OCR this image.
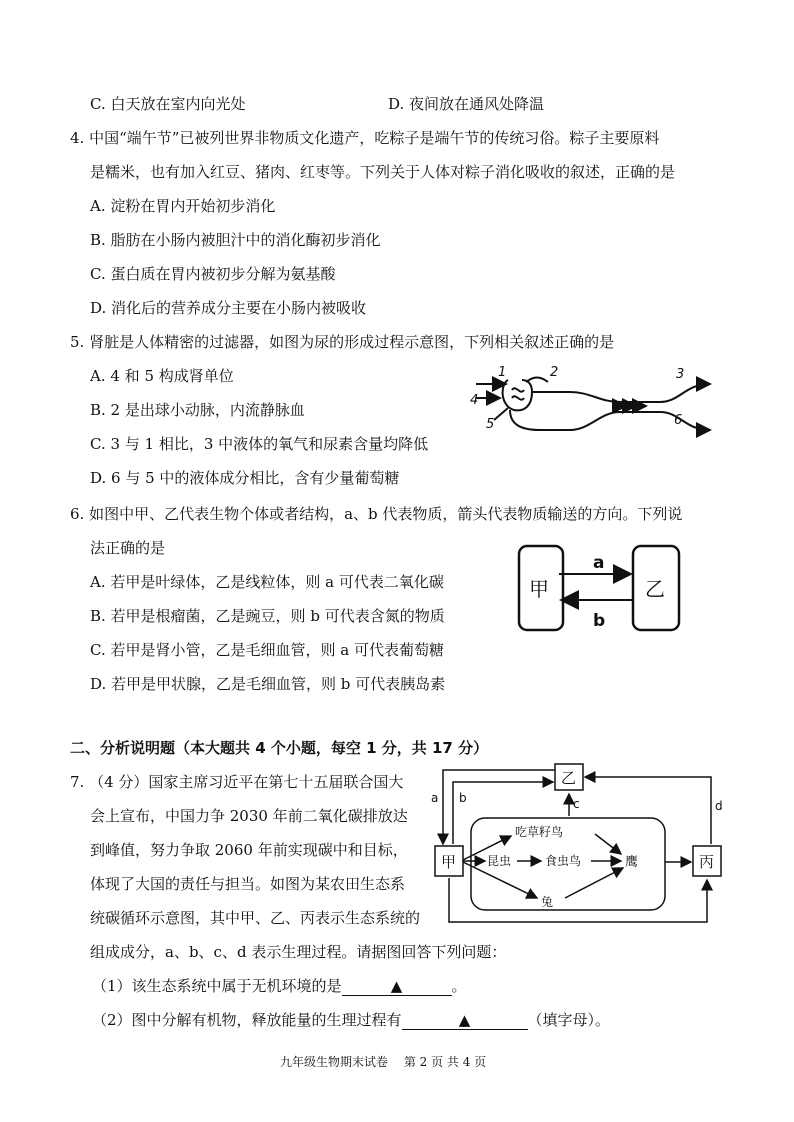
C. 白天放在室内向光处	D. 夜间放在通风处降温
4. 中国“端午节”已被列世界非物质文化遗产，吃粽子是端午节的传统习俗。粽子主要原料
是糯米，也有加入红豆、猪肉、红枣等。下列关于人体对粽子消化吸收的叙述，正确的是
A. 淀粉在胃内开始初步消化
B. 脂肪在小肠内被胆汁中的消化酶初步消化
C. 蛋白质在胃内被初步分解为氨基酸
D. 消化后的营养成分主要在小肠内被吸收
5. 肾脏是人体精密的过滤器，如图为尿的形成过程示意图，下列相关叙述正确的是
A. 4 和 5 构成肾单位
B. 2 是出球小动脉，内流静脉血
C. 3 与 1 相比，3 中液体的氧气和尿素含量均降低
D. 6 与 5 中的液体成分相比，含有少量葡萄糖
1	2	3
4
5	6
6. 如图中甲、乙代表生物个体或者结构，a、b 代表物质，箭头代表物质输送的方向。下列说
法正确的是
A. 若甲是叶绿体，乙是线粒体，则 a 可代表二氧化碳
B. 若甲是根瘤菌，乙是豌豆，则 b 可代表含氮的物质
C. 若甲是肾小管，乙是毛细血管，则 a 可代表葡萄糖
D. 若甲是甲状腺，乙是毛细血管，则 b 可代表胰岛素
甲	乙
a
b
二、分析说明题（本大题共 4 个小题，每空 1 分，共 17 分）
7. （4 分）国家主席习近平在第七十五届联合国大
会上宣布，中国力争 2030 年前二氧化碳排放达
到峰值，努力争取 2060 年前实现碳中和目标，
体现了大国的责任与担当。如图为某农田生态系
统碳循环示意图，其中甲、乙、丙表示生态系统的
组成成分，a、b、c、d 表示生理过程。请据图回答下列问题：
（1）该生态系统中属于无机环境的是	▲	。
（2）图中分解有机物，释放能量的生理过程有	▲	（填字母）。
乙
甲	丙
吃草籽鸟
昆虫	食虫鸟	鹰
兔
a b	c	d
九年级生物期末试卷　 第 2 页 共 4 页
